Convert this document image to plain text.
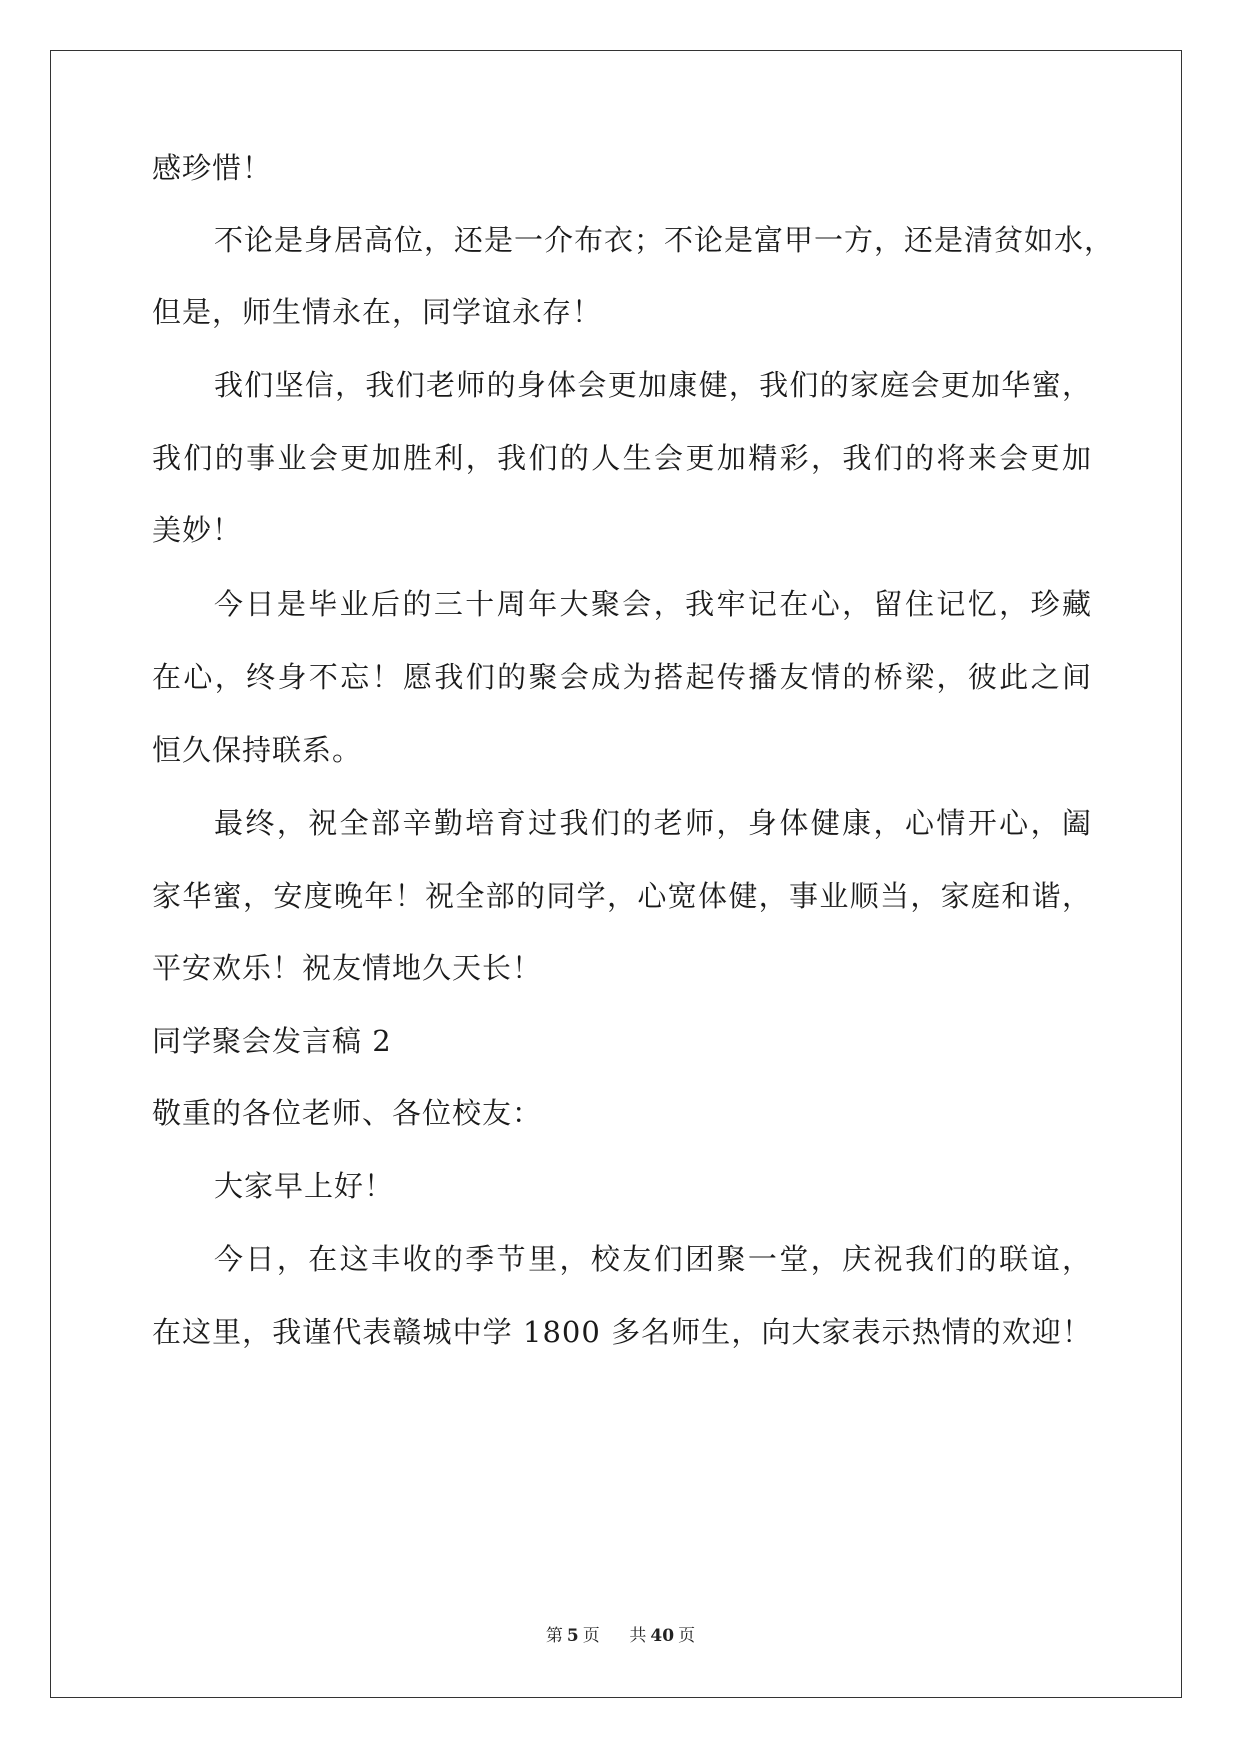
感珍惜！
不论是身居高位，还是一介布衣；不论是富甲一方，还是清贫如水，
但是，师生情永在，同学谊永存！
我们坚信，我们老师的身体会更加康健，我们的家庭会更加华蜜，
我们的事业会更加胜利，我们的人生会更加精彩，我们的将来会更加
美妙！
今日是毕业后的三十周年大聚会，我牢记在心，留住记忆，珍藏
在心，终身不忘！愿我们的聚会成为搭起传播友情的桥梁，彼此之间
恒久保持联系。
最终，祝全部辛勤培育过我们的老师，身体健康，心情开心，阖
家华蜜，安度晚年！祝全部的同学，心宽体健，事业顺当，家庭和谐，
平安欢乐！祝友情地久天长！
同学聚会发言稿 2
敬重的各位老师、各位校友：
大家早上好！
今日，在这丰收的季节里，校友们团聚一堂，庆祝我们的联谊，
在这里，我谨代表赣城中学 1800 多名师生，向大家表示热情的欢迎！
第 5 页 共 40 页
